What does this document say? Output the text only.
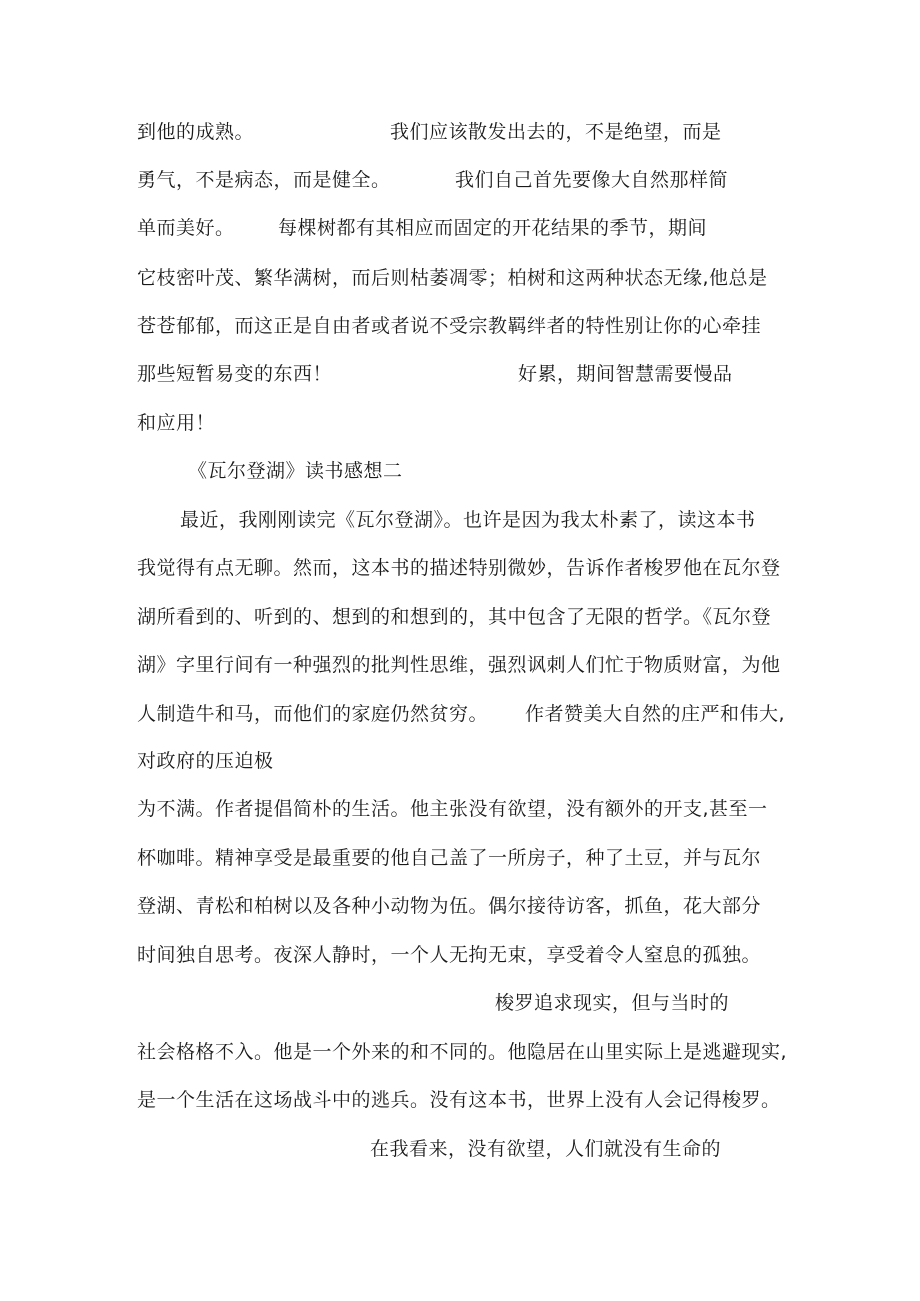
到他的成熟。	我们应该散发出去的，不是绝望，而是

勇气，不是病态，而是健全。	我们自己首先要像大自然那样简

单而美好。 每棵树都有其相应而固定的开花结果的季节，期间

它枝密叶茂、繁华满树，而后则枯萎凋零；柏树和这两种状态无缘,他总是

苍苍郁郁，而这正是自由者或者说不受宗教羁绊者的特性别让你的心牵挂

那些短暂易变的东西！	好累，期间智慧需要慢品

和应用！

《瓦尔登湖》读书感想二

最近，我刚刚读完《瓦尔登湖》。也许是因为我太朴素了，读这本书

我觉得有点无聊。然而，这本书的描述特别微妙，告诉作者梭罗他在瓦尔登

湖所看到的、听到的、想到的和想到的，其中包含了无限的哲学。《瓦尔登

湖》字里行间有一种强烈的批判性思维，强烈讽刺人们忙于物质财富，为他

人制造牛和马，而他们的家庭仍然贫穷。 作者赞美大自然的庄严和伟大,

对政府的压迫极

为不满。作者提倡简朴的生活。他主张没有欲望，没有额外的开支,甚至一

杯咖啡。精神享受是最重要的他自己盖了一所房子，种了土豆，并与瓦尔

登湖、青松和柏树以及各种小动物为伍。偶尔接待访客，抓鱼，花大部分

时间独自思考。夜深人静时，一个人无拘无束，享受着令人窒息的孤独。

梭罗追求现实，但与当时的

社会格格不入。他是一个外来的和不同的。他隐居在山里实际上是逃避现实,

是一个生活在这场战斗中的逃兵。没有这本书，世界上没有人会记得梭罗。

在我看来，没有欲望，人们就没有生命的
